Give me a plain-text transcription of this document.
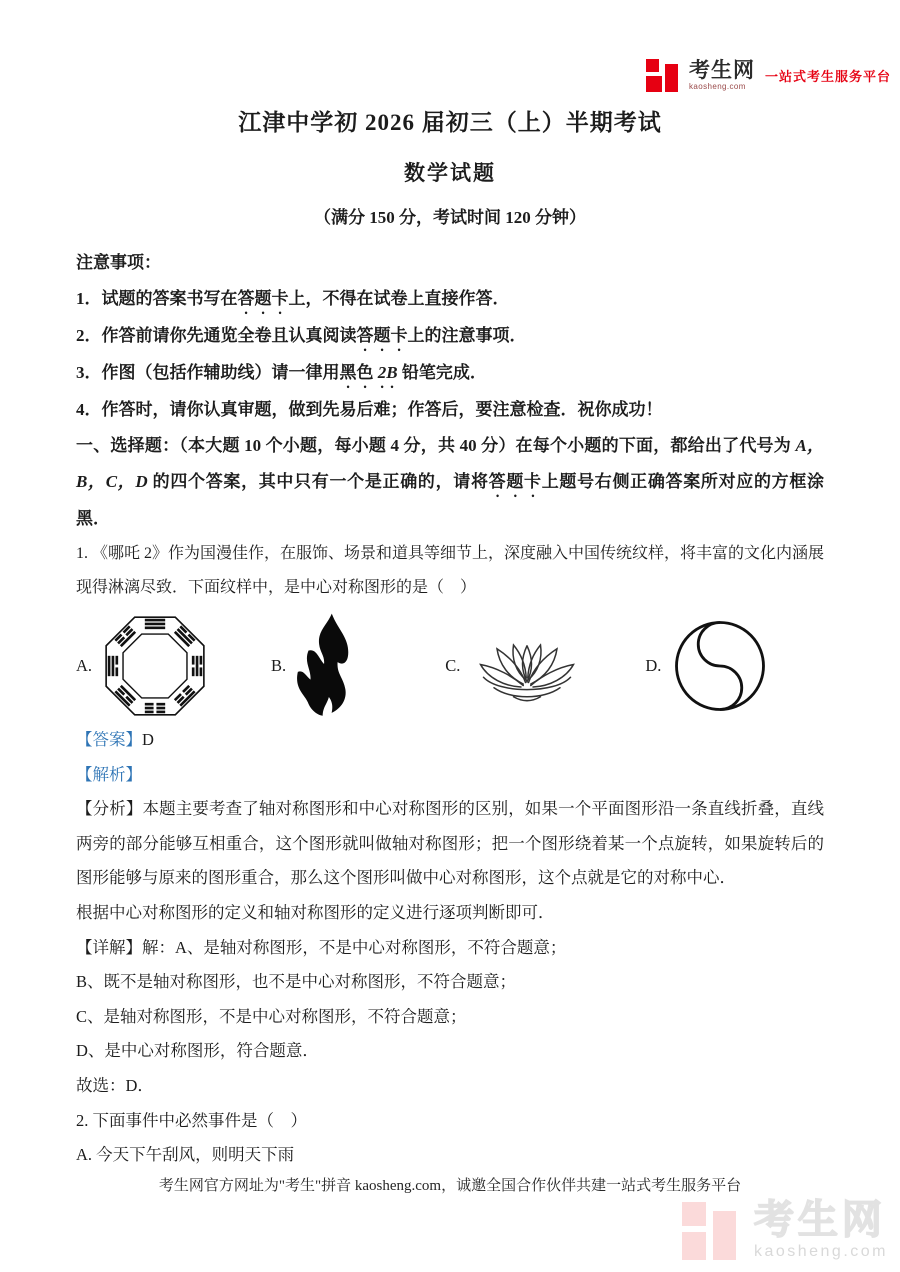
考生网
kaosheng.com
一站式考生服务平台
江津中学初 2026 届初三（上）半期考试
数学试题
（满分 150 分，考试时间 120 分钟）

注意事项：

1．试题的答案书写在答题卡上，不得在试卷上直接作答．

2．作答前请你先通览全卷且认真阅读答题卡上的注意事项．

3．作图（包括作辅助线）请一律用黑色 2B 铅笔完成．

4．作答时，请你认真审题，做到先易后难；作答后，要注意检查．祝你成功！

一、选择题：（本大题 10 个小题，每小题 4 分，共 40 分）在每个小题的下面，都给出了代号为 A，B，C，D 的四个答案，其中只有一个是正确的，请将答题卡上题号右侧正确答案所对应的方框涂黑．

1. 《哪吒 2》作为国漫佳作，在服饰、场景和道具等细节上，深度融入中国传统纹样，将丰富的文化内涵展现得淋漓尽致．下面纹样中，是中心对称图形的是（　）

A.	B.	C.	D.

【答案】D

【解析】

【分析】本题主要考查了轴对称图形和中心对称图形的区别，如果一个平面图形沿一条直线折叠，直线两旁的部分能够互相重合，这个图形就叫做轴对称图形；把一个图形绕着某一个点旋转，如果旋转后的图形能够与原来的图形重合，那么这个图形叫做中心对称图形，这个点就是它的对称中心．

根据中心对称图形的定义和轴对称图形的定义进行逐项判断即可．

【详解】解：A、是轴对称图形，不是中心对称图形，不符合题意；

B、既不是轴对称图形，也不是中心对称图形，不符合题意；

C、是轴对称图形，不是中心对称图形，不符合题意；

D、是中心对称图形，符合题意．

故选：D．

2. 下面事件中必然事件是（　）

A. 今天下午刮风，则明天下雨

考生网官方网址为"考生"拼音 kaosheng.com，诚邀全国合作伙伴共建一站式考生服务平台
考生网
kaosheng.com
